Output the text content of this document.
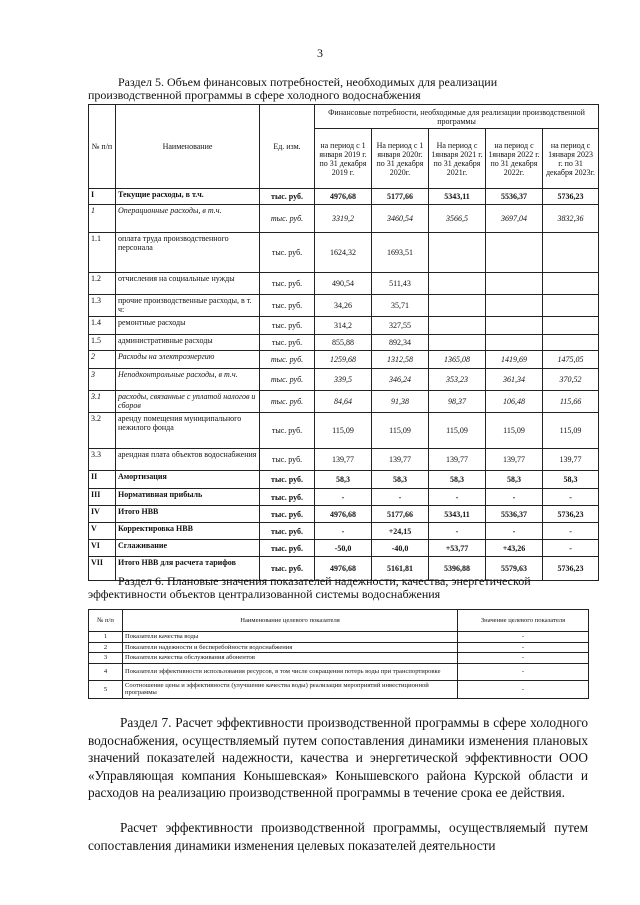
3
Раздел 5. Объем финансовых потребностей, необходимых для реализации
производственной программы в сфере холодного водоснабжения
№ п/п	Наименование	Ед. изм.	Финансовые потребности, необходимые для реализации производственной программы				
			на период с 1 января 2019 г. по 31 декабря 2019 г.	На период с 1 января 2020г. по 31 декабря 2020г.	На период с 1января 2021 г. по 31 декабря 2021г.	на период с 1января 2022 г. по 31 декабря 2022г.	на период с 1января 2023 г. по 31 декабря 2023г.
I	Текущие расходы, в т.ч.	тыс. руб.	4976,68	5177,66	5343,11	5536,37	5736,23
1	Операционные расходы, в т.ч.	тыс. руб.	3319,2	3460,54	3566,5	3697,04	3832,36
1.1	оплата труда производственного персонала	тыс. руб.	1624,32	1693,51			
1.2	отчисления на социальные нужды	тыс. руб.	490,54	511,43			
1.3	прочие производственные расходы, в т. ч:	тыс. руб.	34,26	35,71			
1.4	ремонтные расходы	тыс. руб.	314,2	327,55			
1.5	административные расходы	тыс. руб.	855,88	892,34			
2	Расходы на электроэнергию	тыс. руб.	1259,68	1312,58	1365,08	1419,69	1475,05
3	Неподконтрольные расходы, в т.ч.	тыс. руб.	339,5	346,24	353,23	361,34	370,52
3.1	расходы, связанные с уплатой налогов и сборов	тыс. руб.	84,64	91,38	98,37	106,48	115,66
3.2	аренду помещения муниципального нежилого фонда	тыс. руб.	115,09	115,09	115,09	115,09	115,09
3.3	арендная плата объектов водоснабжения	тыс. руб.	139,77	139,77	139,77	139,77	139,77
II	Амортизация	тыс. руб.	58,3	58,3	58,3	58,3	58,3
III	Нормативная прибыль	тыс. руб.	-	-	-	-	-
IV	Итого НВВ	тыс. руб.	4976,68	5177,66	5343,11	5536,37	5736,23
V	Корректировка НВВ	тыс. руб.	-	+24,15	-	-	-
VI	Сглаживание	тыс. руб.	-50,0	-40,0	+53,77	+43,26	-
VII	Итого НВВ для расчета тарифов	тыс. руб.	4976,68	5161,81	5396,88	5579,63	5736,23
Раздел 6. Плановые значения показателей надежности, качества, энергетической
эффективности объектов централизованной системы водоснабжения
№ п/п	Наименование целевого показателя	Значение целевого показателя
1	Показатели качества воды	-
2	Показатели надежности и бесперебойности водоснабжения	-
3	Показатели качества обслуживания абонентов	-
4	Показатели эффективности использования ресурсов, в том числе сокращения потерь воды при транспортировке	-
5	Соотношение цены и эффективности (улучшение качества воды) реализации мероприятий инвестиционной программы	-
Раздел 7. Расчет эффективности производственной программы в сфере холодного водоснабжения, осуществляемый путем сопоставления динамики изменения плановых значений показателей надежности, качества и энергетической эффективности ООО «Управляющая компания Конышевская» Конышевского района Курской области и расходов на реализацию производственной программы в течение срока ее действия.
Расчет эффективности производственной программы, осуществляемый путем сопоставления динамики изменения целевых показателей деятельности
